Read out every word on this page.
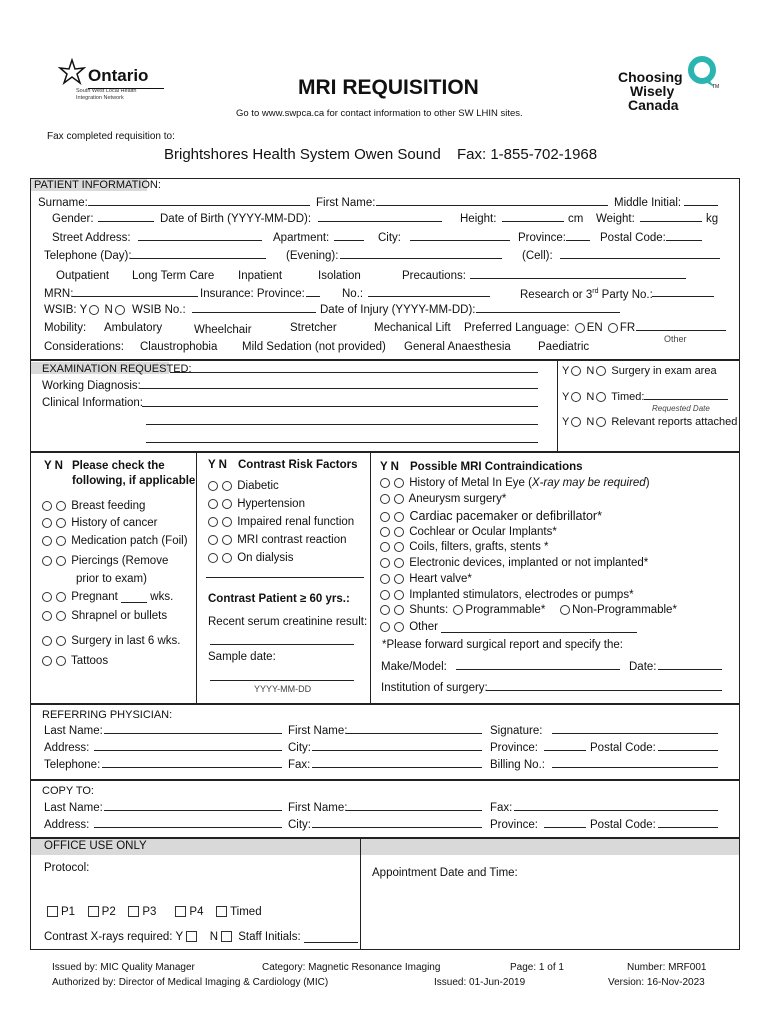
Ontario
South West Local Health Integration Network	MRI REQUISITION
Go to www.swpca.ca for contact information to other SW LHIN sites.
Choosing
Wisely
Canada
TM
Fax completed requisition to:
Brightshores Health System Owen Sound Fax: 1-855-702-1968
PATIENT INFORMATION:
Surname:	First Name:	Middle Initial:
Gender:	Date of Birth (YYYY-MM-DD):	Height:	cm Weight:	kg
Street Address:	Apartment:	City:	Province:	Postal Code:
Telephone (Day):	(Evening):	(Cell):
Outpatient Long Term Care Inpatient	Isolation	Precautions:
MRN:	Insurance: Province:	No.:	Research or 3rd Party No.:
WSIB: Y N	WSIB No.:	Date of Injury (YYYY-MM-DD):
Mobility: Ambulatory	Wheelchair	Stretcher	Mechanical Lift Preferred Language: EN FR
Other
Considerations: Claustrophobia Mild Sedation (not provided) General Anaesthesia Paediatric
EXAMINATION REQUESTED:
Working Diagnosis:
Clinical Information:
Y N Surgery in exam area
Y N Timed:
Requested Date
Y N Relevant reports attached
Y N Please check the
following, if applicable
Breast feeding
History of cancer
Medication patch (Foil)
Piercings (Remove
prior to exam)
Pregnant	wks.
Shrapnel or bullets
Surgery in last 6 wks.
Tattoos
Y N Contrast Risk Factors
Diabetic
Hypertension
Impaired renal function
MRI contrast reaction
On dialysis
Contrast Patient ≥ 60 yrs.:
Recent serum creatinine result:
Sample date:
YYYY-MM-DD
Y N Possible MRI Contraindications
History of Metal In Eye (X-ray may be required)
Aneurysm surgery*
Cardiac pacemaker or defibrillator*
Cochlear or Ocular Implants*
Coils, filters, grafts, stents *
Electronic devices, implanted or not implanted*
Heart valve*
Implanted stimulators, electrodes or pumps*
Shunts: Programmable* Non-Programmable*
Other
*Please forward surgical report and specify the:
Make/Model:	Date:
Institution of surgery:
REFERRING PHYSICIAN:
Last Name:	First Name:	Signature:
Address:	City:	Province:	Postal Code:
Telephone:	Fax:	Billing No.:
COPY TO:
Last Name:	First Name:	Fax:
Address:	City:	Province:	Postal Code:
OFFICE USE ONLY
Protocol:	Appointment Date and Time:
P1 P2 P3	P4 Timed
Contrast X-rays required: Y N Staff Initials:
Issued by: MIC Quality Manager
Authorized by: Director of Medical Imaging & Cardiology (MIC)
Category: Magnetic Resonance Imaging
Issued: 01-Jun-2019
Page: 1 of 1	Number: MRF001
Version: 16-Nov-2023
